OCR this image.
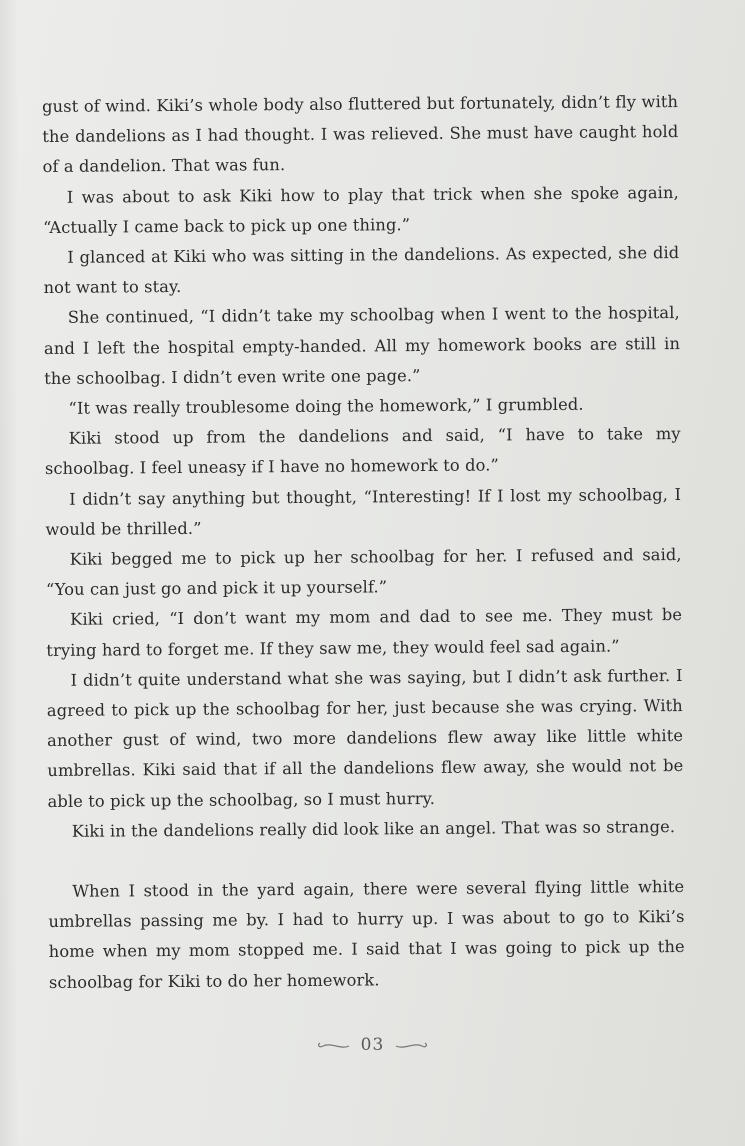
gust of wind. Kiki’s whole body also fluttered but fortunately, didn’t fly with the dandelions as I had thought. I was relieved. She must have caught hold of a dandelion. That was fun.

I was about to ask Kiki how to play that trick when she spoke again, “Actually I came back to pick up one thing.”

I glanced at Kiki who was sitting in the dandelions. As expected, she did not want to stay.

She continued, “I didn’t take my schoolbag when I went to the hospital, and I left the hospital empty-handed. All my homework books are still in the schoolbag. I didn’t even write one page.”

“It was really troublesome doing the homework,” I grumbled.

Kiki stood up from the dandelions and said, “I have to take my schoolbag. I feel uneasy if I have no homework to do.”

I didn’t say anything but thought, “Interesting! If I lost my schoolbag, I would be thrilled.”

Kiki begged me to pick up her schoolbag for her. I refused and said, “You can just go and pick it up yourself.”

Kiki cried, “I don’t want my mom and dad to see me. They must be trying hard to forget me. If they saw me, they would feel sad again.”

I didn’t quite understand what she was saying, but I didn’t ask further. I agreed to pick up the schoolbag for her, just because she was crying. With another gust of wind, two more dandelions flew away like little white umbrellas. Kiki said that if all the dandelions flew away, she would not be able to pick up the schoolbag, so I must hurry.

Kiki in the dandelions really did look like an angel. That was so strange.

When I stood in the yard again, there were several flying little white umbrellas passing me by. I had to hurry up. I was about to go to Kiki’s home when my mom stopped me. I said that I was going to pick up the schoolbag for Kiki to do her homework.

03
